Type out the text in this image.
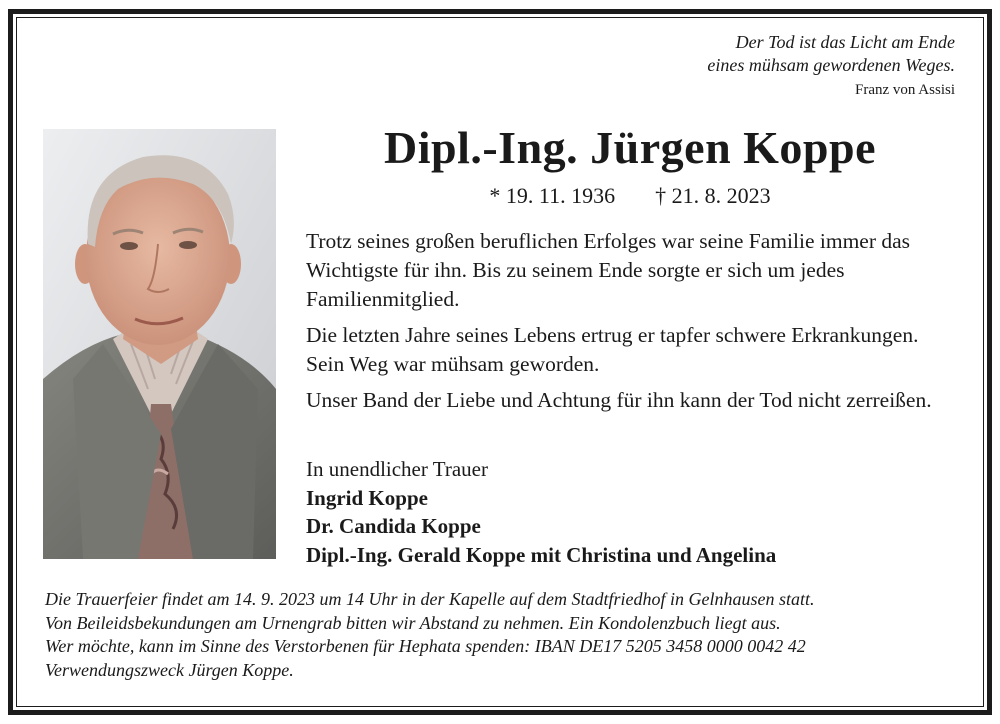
Der Tod ist das Licht am Ende
eines mühsam gewordenen Weges.
Franz von Assisi
Dipl.-Ing. Jürgen Koppe
* 19. 11. 1936 † 21. 8. 2023

Trotz seines großen beruflichen Erfolges war seine Familie immer das Wichtigste für ihn. Bis zu seinem Ende sorgte er sich um jedes Familienmitglied.

Die letzten Jahre seines Lebens ertrug er tapfer schwere Erkrankungen. Sein Weg war mühsam geworden.

Unser Band der Liebe und Achtung für ihn kann der Tod nicht zerreißen.

In unendlicher Trauer
Ingrid Koppe
Dr. Candida Koppe
Dipl.-Ing. Gerald Koppe mit Christina und Angelina
Die Trauerfeier findet am 14. 9. 2023 um 14 Uhr in der Kapelle auf dem Stadtfriedhof in Gelnhausen statt.
Von Beileidsbekundungen am Urnengrab bitten wir Abstand zu nehmen. Ein Kondolenzbuch liegt aus.
Wer möchte, kann im Sinne des Verstorbenen für Hephata spenden: IBAN DE17 5205 3458 0000 0042 42
Verwendungszweck Jürgen Koppe.
